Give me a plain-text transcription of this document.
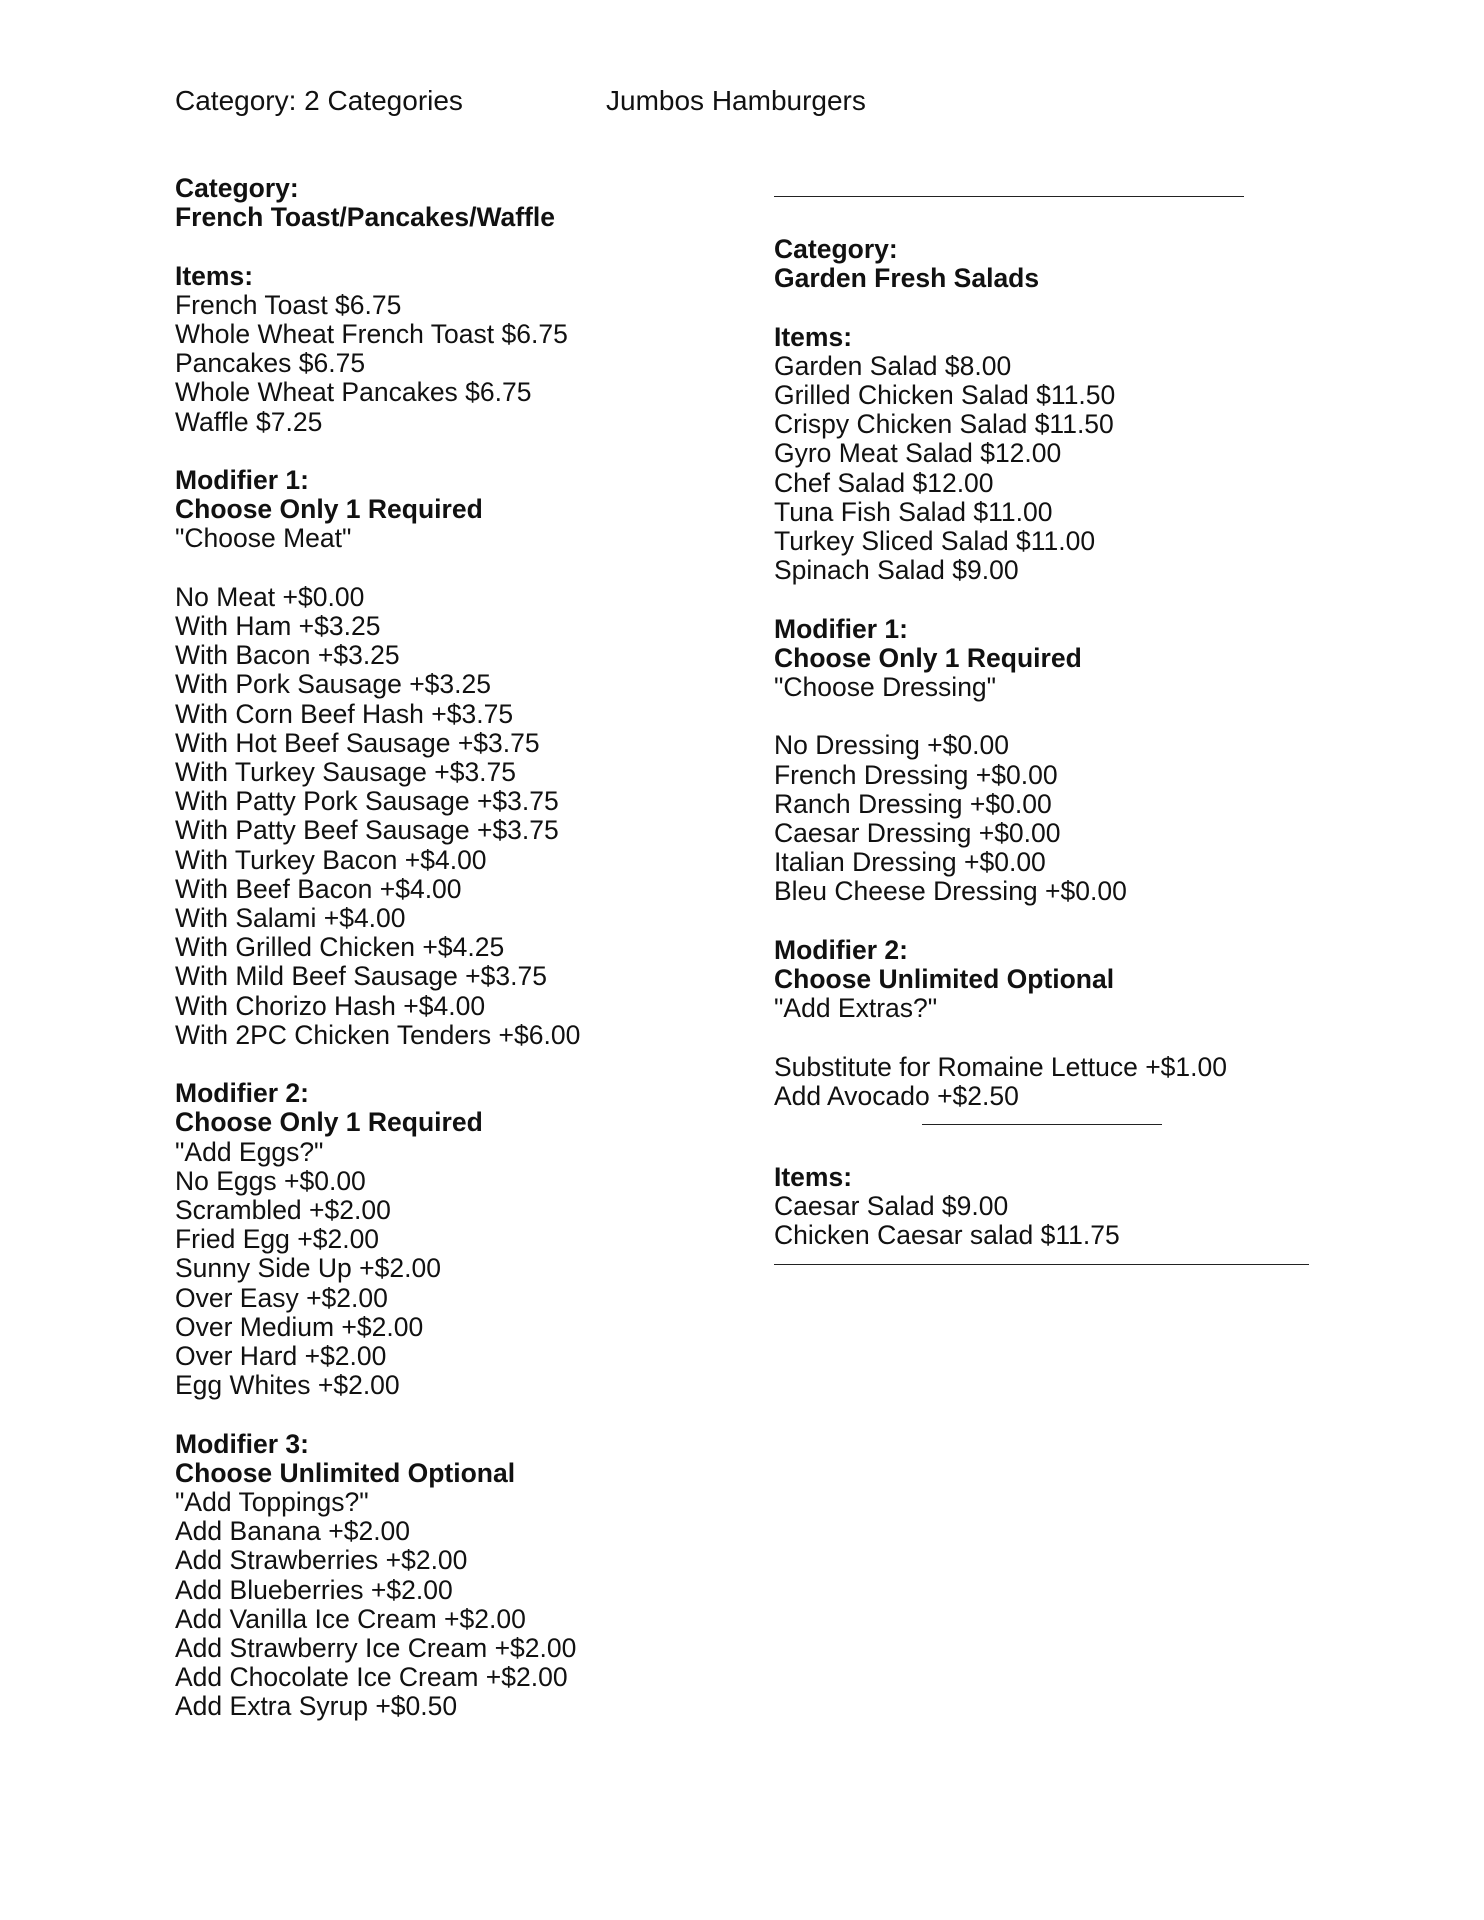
Category: 2 Categories	Jumbos Hamburgers
Category:
French Toast/Pancakes/Waffle
Items:
French Toast $6.75
Whole Wheat French Toast $6.75
Pancakes $6.75
Whole Wheat Pancakes $6.75
Waffle $7.25
Modifier 1:
Choose Only 1 Required
"Choose Meat"
No Meat +$0.00
With Ham +$3.25
With Bacon +$3.25
With Pork Sausage +$3.25
With Corn Beef Hash +$3.75
With Hot Beef Sausage +$3.75
With Turkey Sausage +$3.75
With Patty Pork Sausage +$3.75
With Patty Beef Sausage +$3.75
With Turkey Bacon +$4.00
With Beef Bacon +$4.00
With Salami +$4.00
With Grilled Chicken +$4.25
With Mild Beef Sausage +$3.75
With Chorizo Hash +$4.00
With 2PC Chicken Tenders +$6.00
Modifier 2:
Choose Only 1 Required
"Add Eggs?"
No Eggs +$0.00
Scrambled +$2.00
Fried Egg +$2.00
Sunny Side Up +$2.00
Over Easy +$2.00
Over Medium +$2.00
Over Hard +$2.00
Egg Whites +$2.00
Modifier 3:
Choose Unlimited Optional
"Add Toppings?"
Add Banana +$2.00
Add Strawberries +$2.00
Add Blueberries +$2.00
Add Vanilla Ice Cream +$2.00
Add Strawberry Ice Cream +$2.00
Add Chocolate Ice Cream +$2.00
Add Extra Syrup +$0.50
Category:
Garden Fresh Salads
Items:
Garden Salad $8.00
Grilled Chicken Salad $11.50
Crispy Chicken Salad $11.50
Gyro Meat Salad $12.00
Chef Salad $12.00
Tuna Fish Salad $11.00
Turkey Sliced Salad $11.00
Spinach Salad $9.00
Modifier 1:
Choose Only 1 Required
"Choose Dressing"
No Dressing +$0.00
French Dressing +$0.00
Ranch Dressing +$0.00
Caesar Dressing +$0.00
Italian Dressing +$0.00
Bleu Cheese Dressing +$0.00
Modifier 2:
Choose Unlimited Optional
"Add Extras?"
Substitute for Romaine Lettuce +$1.00
Add Avocado +$2.50
Items:
Caesar Salad $9.00
Chicken Caesar salad $11.75
